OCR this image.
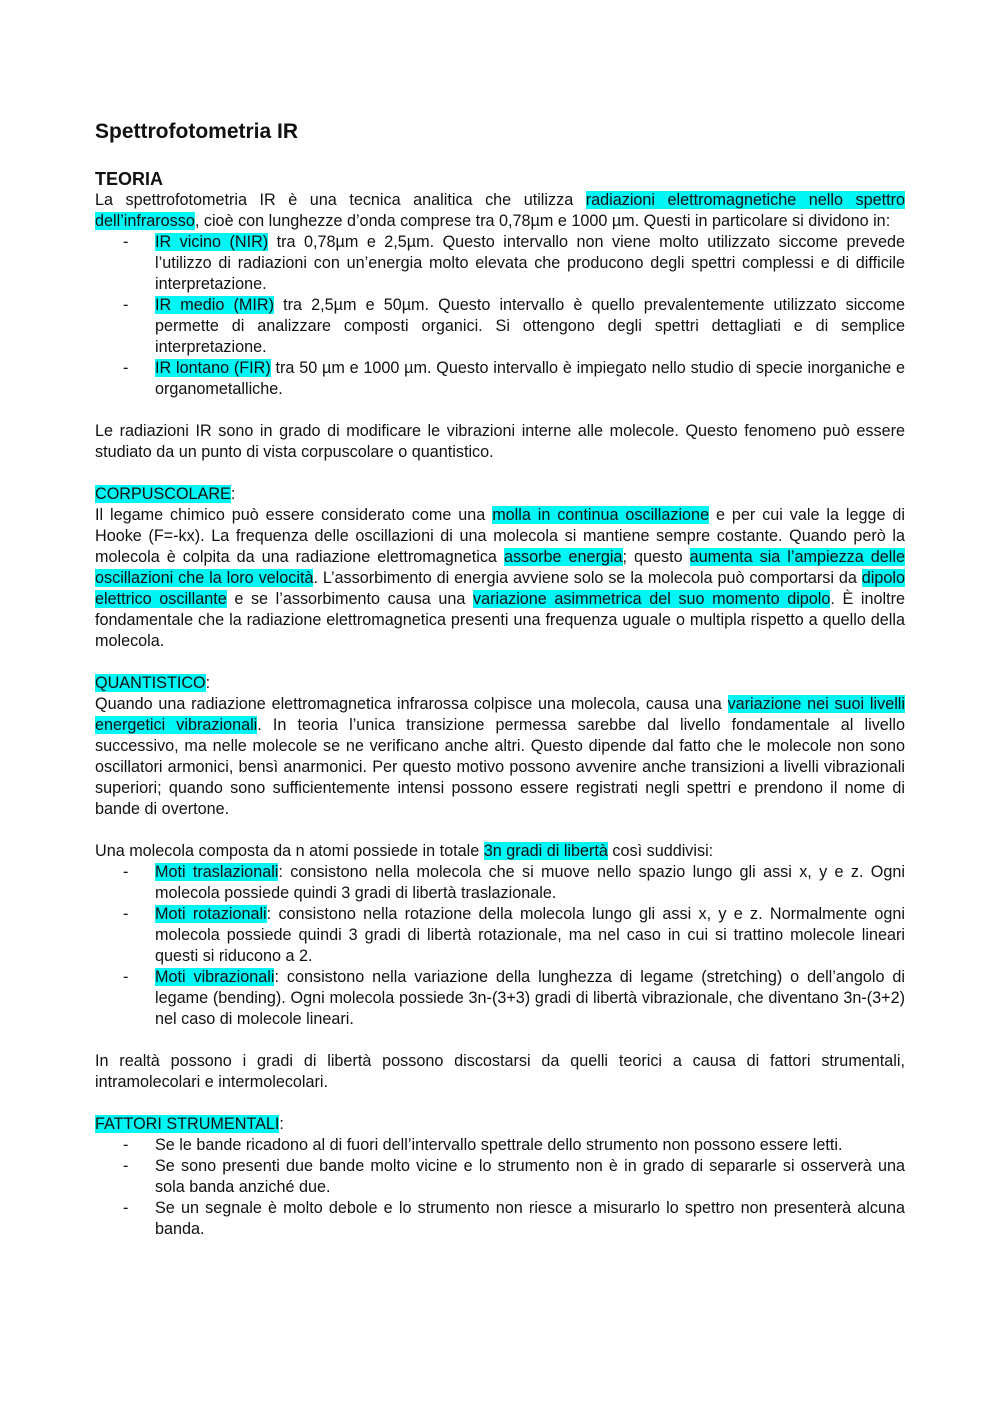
Spettrofotometria IR
TEORIA

La spettrofotometria IR è una tecnica analitica che utilizza radiazioni elettromagnetiche nello spettro dell’infrarosso, cioè con lunghezze d’onda comprese tra 0,78µm e 1000 µm. Questi in particolare si dividono in:

- IR vicino (NIR) tra 0,78µm e 2,5µm. Questo intervallo non viene molto utilizzato siccome prevede l’utilizzo di radiazioni con un’energia molto elevata che producono degli spettri complessi e di difficile interpretazione.
- IR medio (MIR) tra 2,5µm e 50µm. Questo intervallo è quello prevalentemente utilizzato siccome permette di analizzare composti organici. Si ottengono degli spettri dettagliati e di semplice interpretazione.
- IR lontano (FIR) tra 50 µm e 1000 µm. Questo intervallo è impiegato nello studio di specie inorganiche e organometalliche.

Le radiazioni IR sono in grado di modificare le vibrazioni interne alle molecole. Questo fenomeno può essere studiato da un punto di vista corpuscolare o quantistico.

CORPUSCOLARE:

Il legame chimico può essere considerato come una molla in continua oscillazione e per cui vale la legge di Hooke (F=-kx). La frequenza delle oscillazioni di una molecola si mantiene sempre costante. Quando però la molecola è colpita da una radiazione elettromagnetica assorbe energia; questo aumenta sia l’ampiezza delle oscillazioni che la loro velocità. L’assorbimento di energia avviene solo se la molecola può comportarsi da dipolo elettrico oscillante e se l’assorbimento causa una variazione asimmetrica del suo momento dipolo. È inoltre fondamentale che la radiazione elettromagnetica presenti una frequenza uguale o multipla rispetto a quello della molecola.

QUANTISTICO:

Quando una radiazione elettromagnetica infrarossa colpisce una molecola, causa una variazione nei suoi livelli energetici vibrazionali. In teoria l’unica transizione permessa sarebbe dal livello fondamentale al livello successivo, ma nelle molecole se ne verificano anche altri. Questo dipende dal fatto che le molecole non sono oscillatori armonici, bensì anarmonici. Per questo motivo possono avvenire anche transizioni a livelli vibrazionali superiori; quando sono sufficientemente intensi possono essere registrati negli spettri e prendono il nome di bande di overtone.

Una molecola composta da n atomi possiede in totale 3n gradi di libertà così suddivisi:

- Moti traslazionali: consistono nella molecola che si muove nello spazio lungo gli assi x, y e z. Ogni molecola possiede quindi 3 gradi di libertà traslazionale.
- Moti rotazionali: consistono nella rotazione della molecola lungo gli assi x, y e z. Normalmente ogni molecola possiede quindi 3 gradi di libertà rotazionale, ma nel caso in cui si trattino molecole lineari questi si riducono a 2.
- Moti vibrazionali: consistono nella variazione della lunghezza di legame (stretching) o dell’angolo di legame (bending). Ogni molecola possiede 3n-(3+3) gradi di libertà vibrazionale, che diventano 3n-(3+2) nel caso di molecole lineari.

In realtà possono i gradi di libertà possono discostarsi da quelli teorici a causa di fattori strumentali, intramolecolari e intermolecolari.

FATTORI STRUMENTALI:

- Se le bande ricadono al di fuori dell’intervallo spettrale dello strumento non possono essere letti.
- Se sono presenti due bande molto vicine e lo strumento non è in grado di separarle si osserverà una sola banda anziché due.
- Se un segnale è molto debole e lo strumento non riesce a misurarlo lo spettro non presenterà alcuna banda.
